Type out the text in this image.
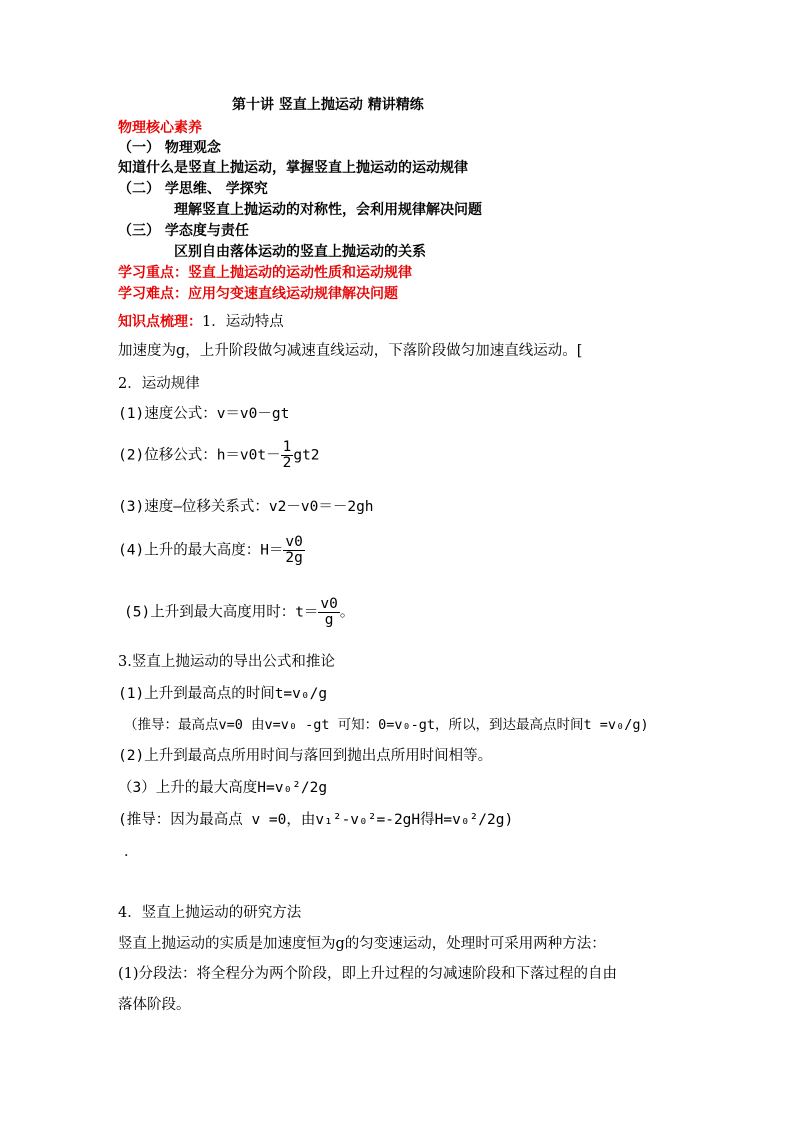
第十讲 竖直上抛运动 精讲精练
物理核心素养
（一） 物理观念
知道什么是竖直上抛运动，掌握竖直上抛运动的运动规律
（二） 学思维、 学探究
理解竖直上抛运动的对称性，会利用规律解决问题
（三） 学态度与责任
区别自由落体运动的竖直上抛运动的关系
学习重点：竖直上抛运动的运动性质和运动规律
学习难点：应用匀变速直线运动规律解决问题
知识点梳理：1．运动特点
加速度为g，上升阶段做匀减速直线运动，下落阶段做匀加速直线运动。[
2．运动规律
(1)速度公式：v＝v0－gt
(2)位移公式：$h=v0t- \frac{1}{2} gt2$
(3)速度—位移关系式：v2－v0＝－2gh
(4)上升的最大高度：$H= \frac{v0}{2g}$
(5)上升到最大高度用时：$t= \frac{v0}{g}$ 。
3.竖直上抛运动的导出公式和推论
(1)上升到最高点的时间t=v₀/g
（推导：最高点v=0 由v=v₀ -gt 可知：0=v₀-gt，所以，到达最高点时间t =v₀/g)
(2)上升到最高点所用时间与落回到抛出点所用时间相等。
（3）上升的最大高度H=v₀²/2g
(推导：因为最高点 v =0，由v₁²-v₀²=-2gH得H=v₀²/2g)
．
4．竖直上抛运动的研究方法
竖直上抛运动的实质是加速度恒为g的匀变速运动，处理时可采用两种方法：
(1)分段法：将全程分为两个阶段，即上升过程的匀减速阶段和下落过程的自由
落体阶段。
